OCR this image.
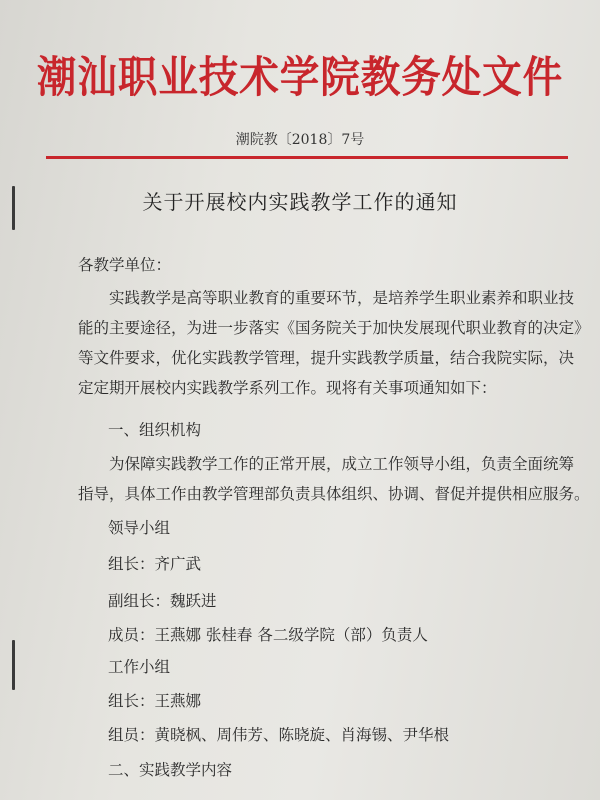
潮汕职业技术学院教务处文件
潮院教〔2018〕7号
关于开展校内实践教学工作的通知
各教学单位：
实践教学是高等职业教育的重要环节，是培养学生职业素养和职业技
能的主要途径，为进一步落实《国务院关于加快发展现代职业教育的决定》
等文件要求，优化实践教学管理，提升实践教学质量，结合我院实际，决
定定期开展校内实践教学系列工作。现将有关事项通知如下：
一、组织机构
为保障实践教学工作的正常开展，成立工作领导小组，负责全面统筹
指导，具体工作由教学管理部负责具体组织、协调、督促并提供相应服务。
领导小组
组长：齐广武
副组长：魏跃进
成员：王燕娜 张桂春 各二级学院（部）负责人
工作小组
组长：王燕娜
组员：黄晓枫、周伟芳、陈晓旋、肖海锡、尹华根
二、实践教学内容
